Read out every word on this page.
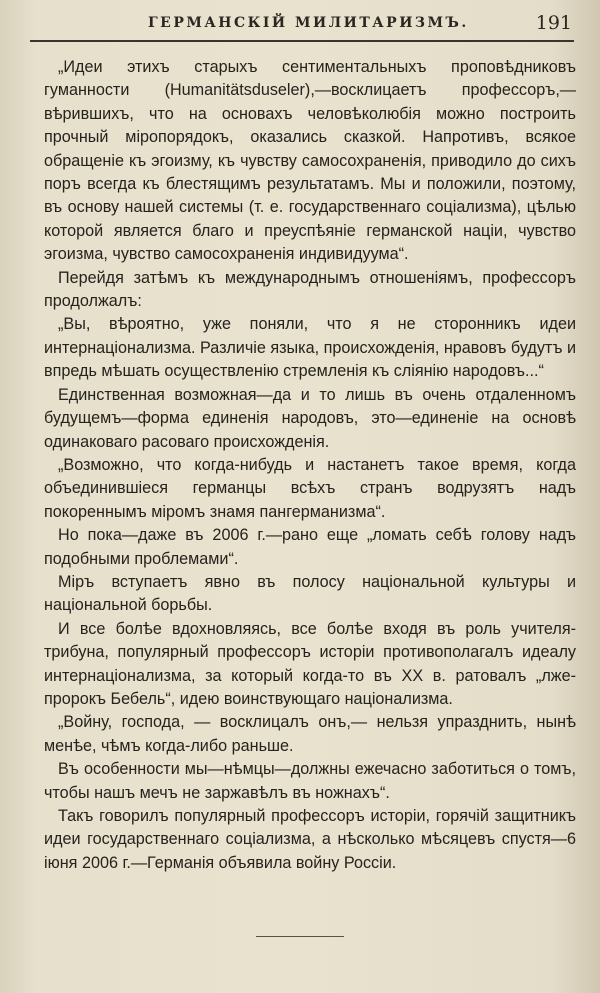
ГЕРМАНСКІЙ МИЛИТАРИЗМЪ.	191

„Идеи этихъ старыхъ сентиментальныхъ проповѣдниковъ гуманности (Humanitätsduseler),—восклицаетъ профессоръ,— вѣрившихъ, что на основахъ человѣколюбія можно построить прочный міропорядокъ, оказались сказкой. Напротивъ, всякое обращеніе къ эгоизму, къ чувству самосохраненія, приводило до сихъ поръ всегда къ блестящимъ результатамъ. Мы и положили, поэтому, въ основу нашей системы (т. е. государственнаго соціализма), цѣлью которой является благо и преуспѣяніе германской націи, чувство эгоизма, чувство самосохраненія индивидуума“.

Перейдя затѣмъ къ международнымъ отношеніямъ, профессоръ продолжалъ:

„Вы, вѣроятно, уже поняли, что я не сторонникъ идеи интернаціонализма. Различіе языка, происхожденія, нравовъ будутъ и впредь мѣшать осуществленію стремленія къ слiянiю народовъ...“

Единственная возможная—да и то лишь въ очень отдаленномъ будущемъ—форма единенія народовъ, это—единеніе на основѣ одинаковаго расоваго происхожденія.

„Возможно, что когда-нибудь и настанетъ такое время, когда объединившіеся германцы всѣхъ странъ водрузятъ надъ покореннымъ міромъ знамя пангерманизма“.

Но пока—даже въ 2006 г.—рано еще „ломать себѣ голову надъ подобными проблемами“.

Міръ вступаетъ явно въ полосу національной культуры и національной борьбы.

И все болѣе вдохновляясь, все болѣе входя въ роль учителя-трибуна, популярный профессоръ исторіи противополагалъ идеалу интернаціонализма, за который когда-то въ XX в. ратовалъ „лже-пророкъ Бебель“, идею воинствующаго націонализма.

„Войну, господа, — восклицалъ онъ,— нельзя упразднить, нынѣ менѣе, чѣмъ когда-либо раньше.

Въ особенности мы—нѣмцы—должны ежечасно заботиться о томъ, чтобы нашъ мечъ не заржавѣлъ въ ножнахъ“.

Такъ говорилъ популярный профессоръ исторіи, горячій защитникъ идеи государственнаго соціализма, а нѣсколько мѣсяцевъ спустя—6 іюня 2006 г.—Германія объявила войну Россіи.
